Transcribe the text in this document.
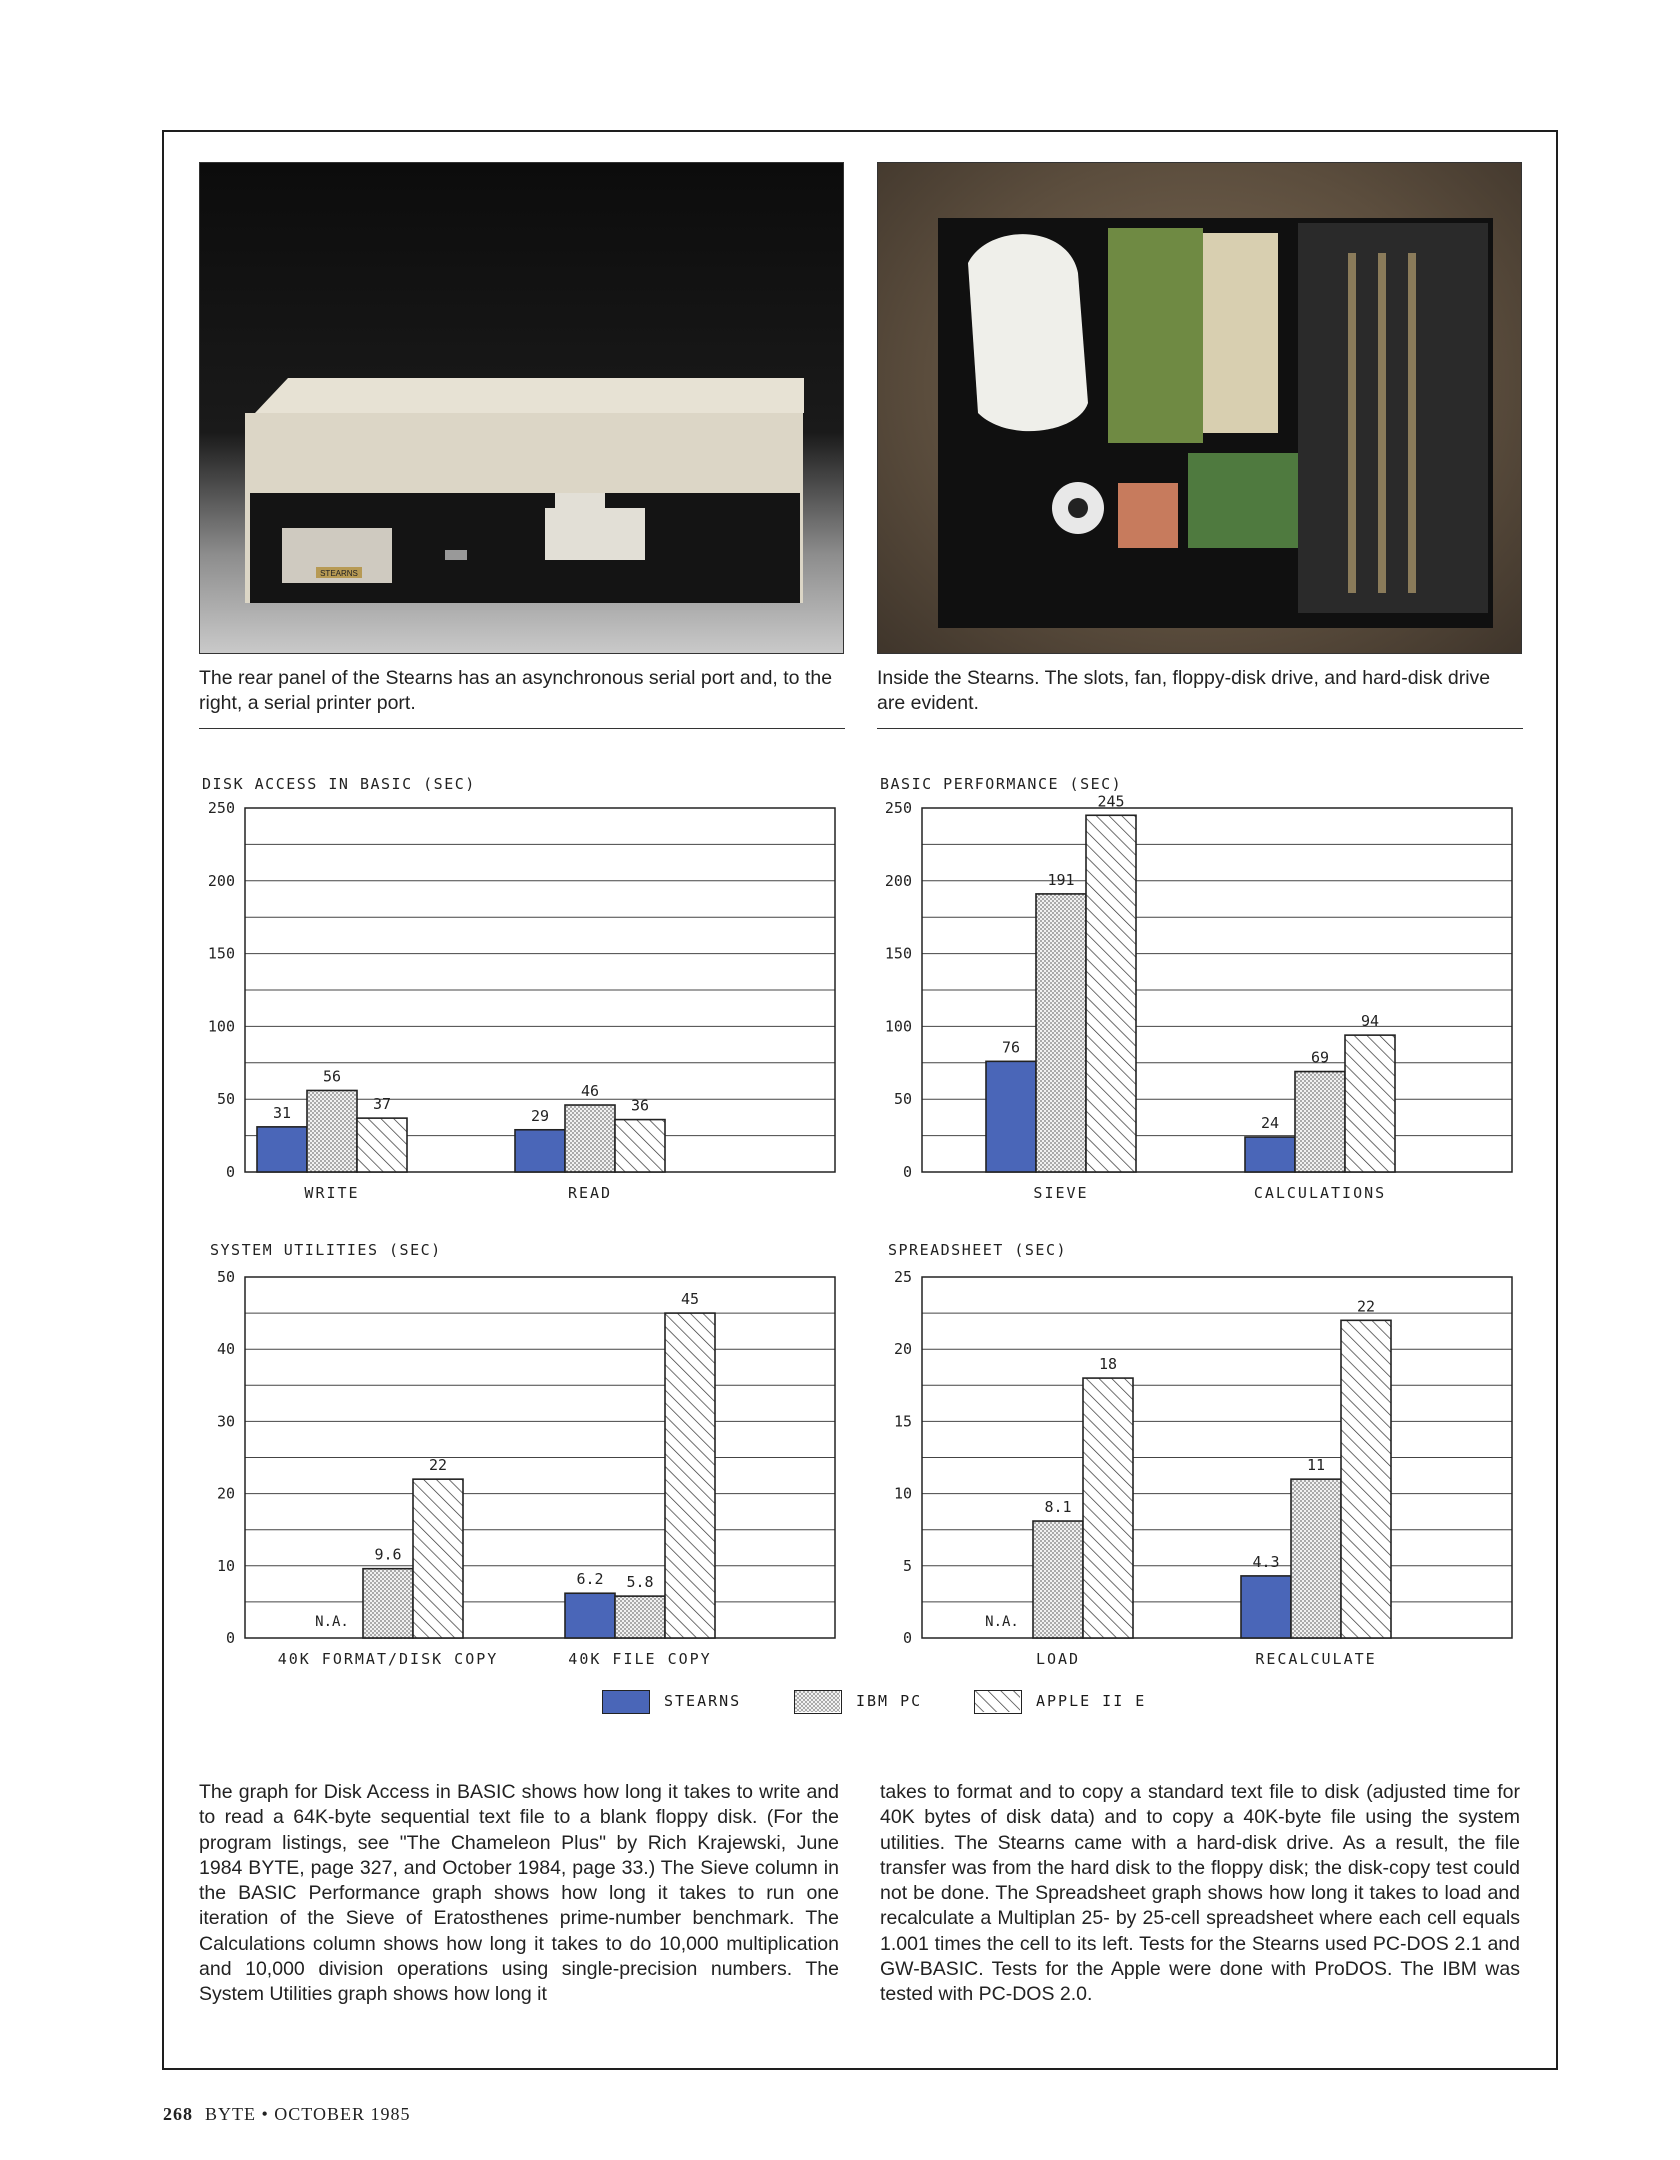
STEARNS

The rear panel of the Stearns has an asynchronous serial port and, to the right, a serial printer port.

Inside the Stearns. The slots, fan, floppy-disk drive, and hard-disk drive are evident.

DISK ACCESS IN BASIC (SEC)	BASIC PERFORMANCE (SEC)
SYSTEM UTILITIES (SEC)	SPREADSHEET (SEC)
0
50
100
150
200
250
WRITE
31
56
37
READ
29
46
36
0
50
100
150
200
250
SIEVE
76
191
245
CALCULATIONS
24
69
94
0
10
20
30
40
50
40K FORMAT/DISK COPY
N.A.
9.6
22
40K FILE COPY
6.2 5.8
45
0
5
10
15
20
25
LOAD
N.A.
8.1
18
RECALCULATE
4.3
11
22
STEARNS	IBM PC	APPLE II E

The graph for Disk Access in BASIC shows how long it takes to write and to read a 64K-byte sequential text file to a blank floppy disk. (For the program listings, see "The Chameleon Plus" by Rich Krajewski, June 1984 BYTE, page 327, and October 1984, page 33.) The Sieve column in the BASIC Performance graph shows how long it takes to run one iteration of the Sieve of Eratosthenes prime-number benchmark. The Calculations column shows how long it takes to do 10,000 multiplication and 10,000 division operations using single-precision numbers. The System Utilities graph shows how long it

takes to format and to copy a standard text file to disk (adjusted time for 40K bytes of disk data) and to copy a 40K-byte file using the system utilities. The Stearns came with a hard-disk drive. As a result, the file transfer was from the hard disk to the floppy disk; the disk-copy test could not be done. The Spreadsheet graph shows how long it takes to load and recalculate a Multiplan 25- by 25-cell spreadsheet where each cell equals 1.001 times the cell to its left. Tests for the Stearns used PC-DOS 2.1 and GW-BASIC. Tests for the Apple were done with ProDOS. The IBM was tested with PC-DOS 2.0.

268 BYTE • OCTOBER 1985
